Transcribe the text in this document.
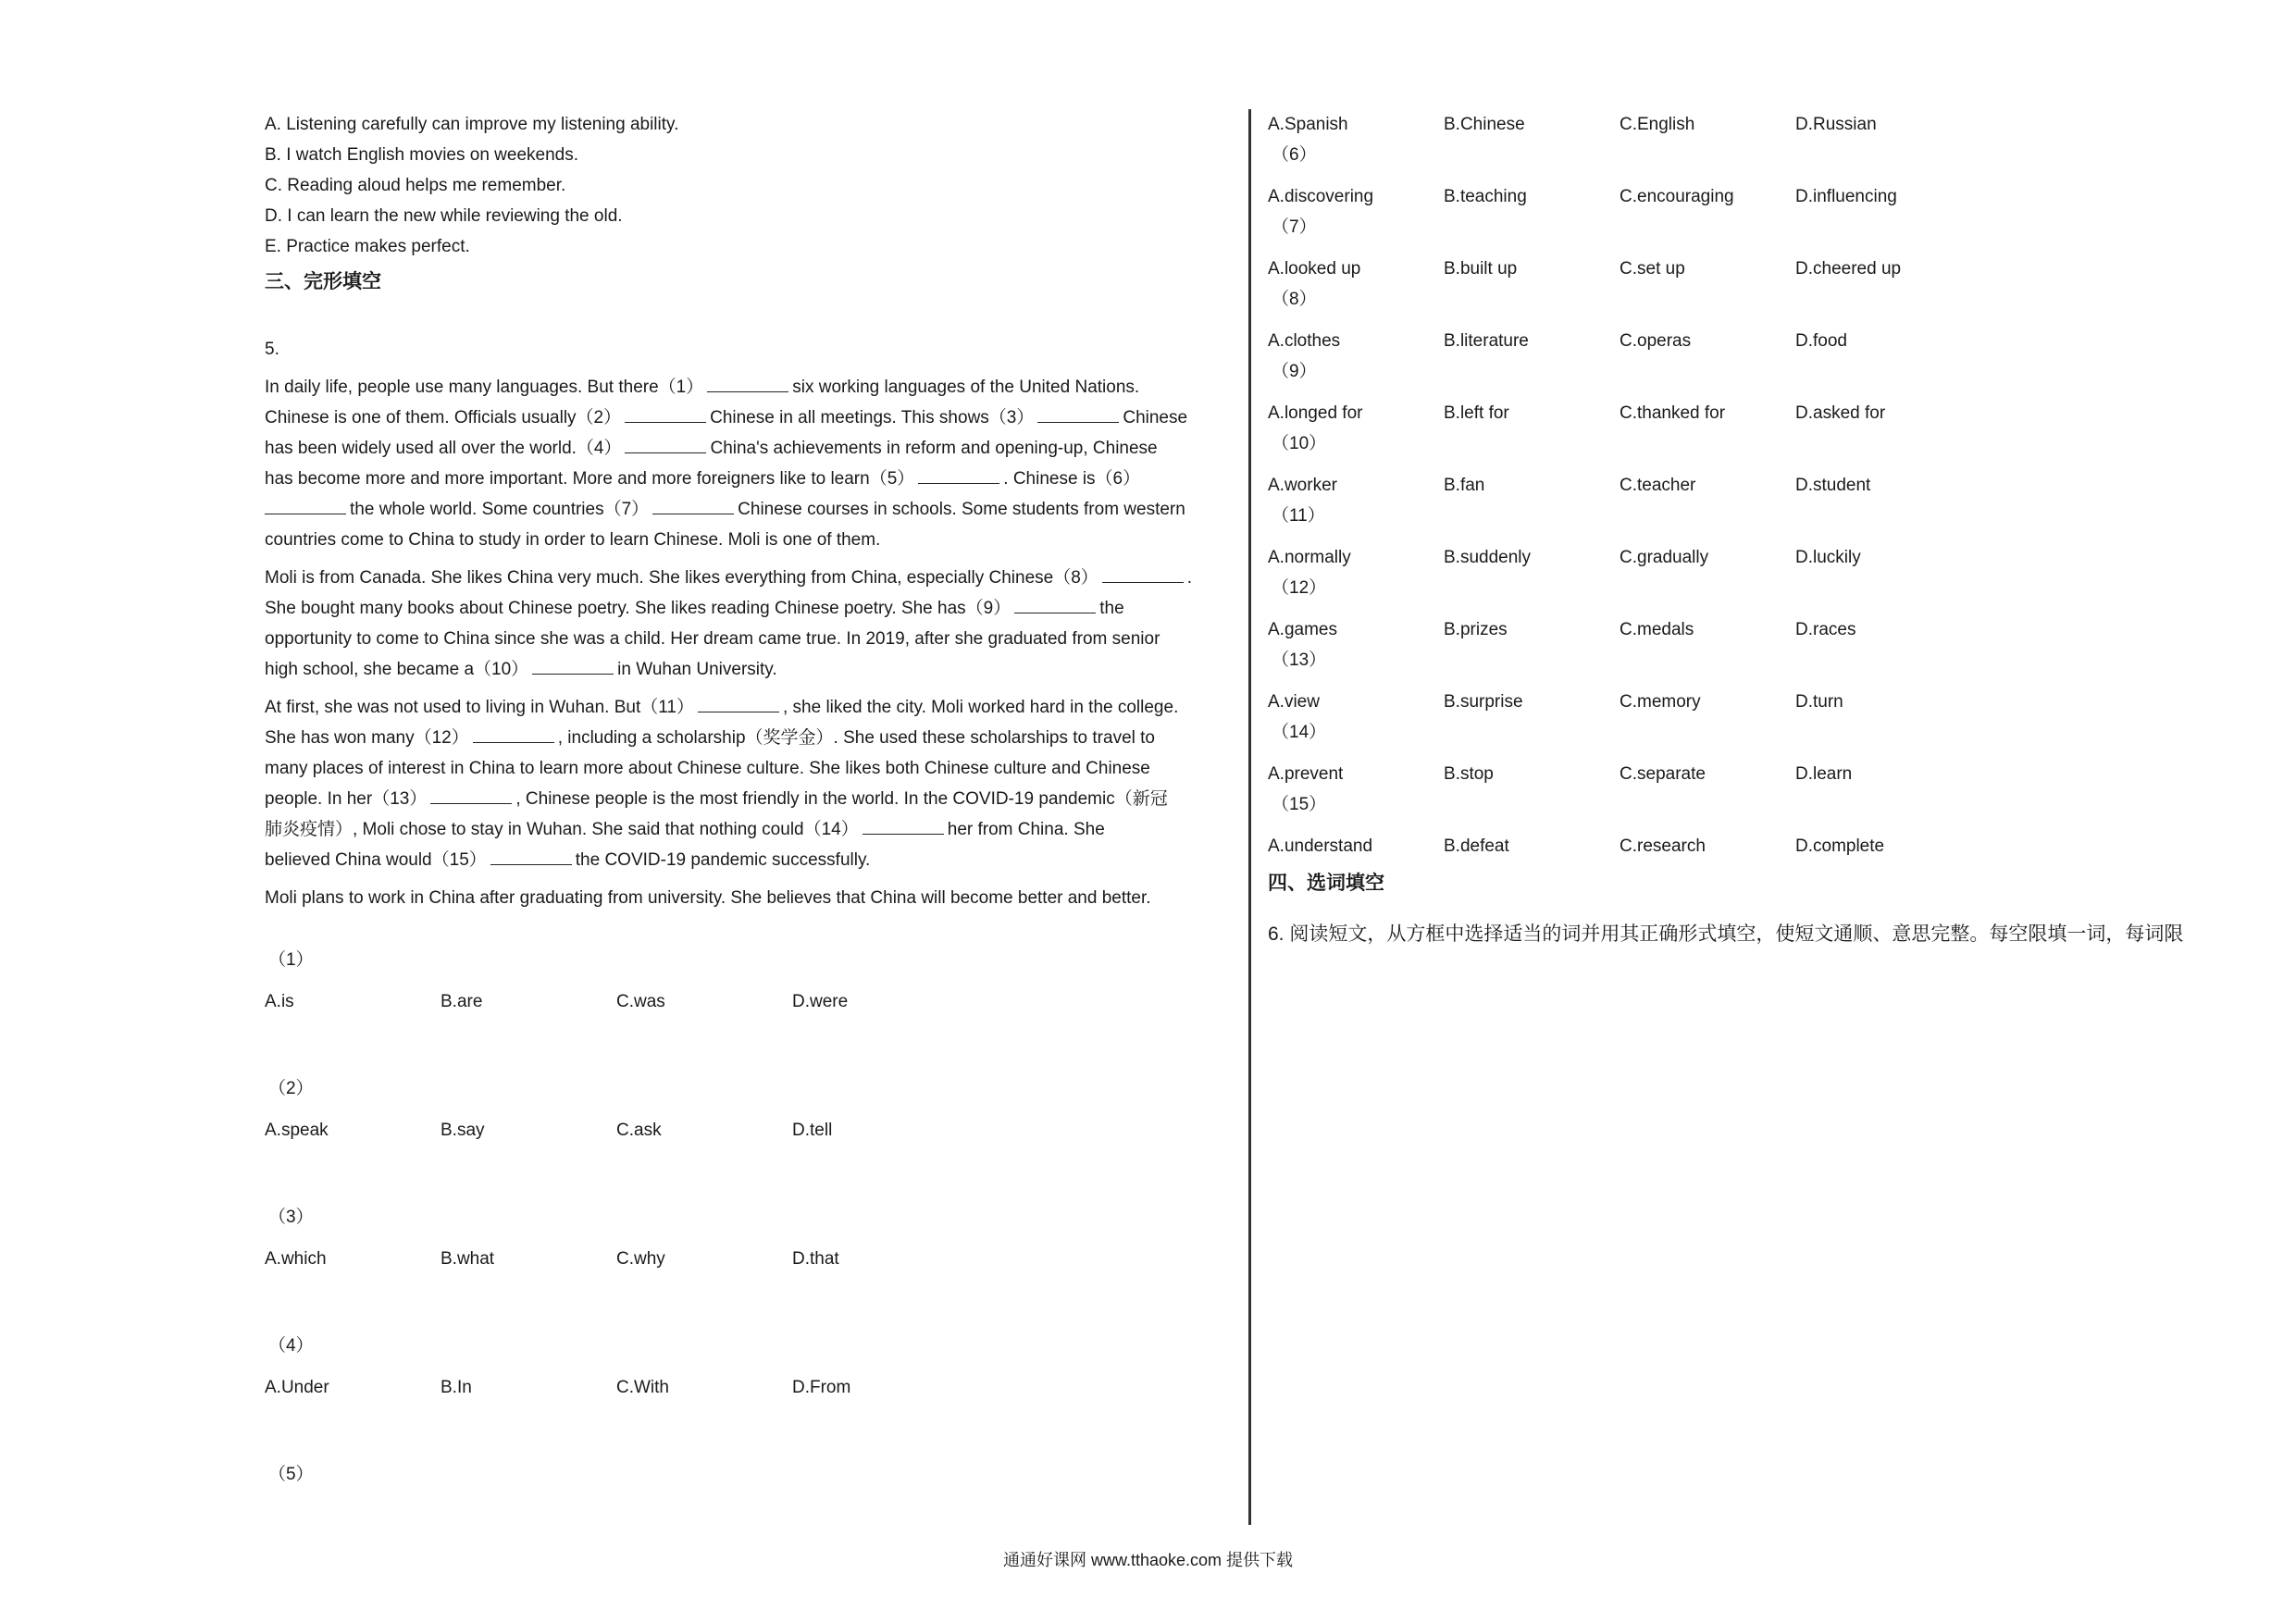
A. Listening carefully can improve my listening ability.
B. I watch English movies on weekends.
C. Reading aloud helps me remember.
D. I can learn the new while reviewing the old.
E. Practice makes perfect.
三、完形填空
5.
In daily life, people use many languages. But there（1）	six working languages of the United Nations.
Chinese is one of them. Officials usually（2）	Chinese in all meetings. This shows（3）	Chinese
has been widely used all over the world.（4）	China's achievements in reform and opening-up, Chinese
has become more and more important. More and more foreigners like to learn（5）	. Chinese is（6）
the whole world. Some countries（7）	Chinese courses in schools. Some students from western
countries come to China to study in order to learn Chinese. Moli is one of them.
Moli is from Canada. She likes China very much. She likes everything from China, especially Chinese（8）	.
She bought many books about Chinese poetry. She likes reading Chinese poetry. She has（9）	the
opportunity to come to China since she was a child. Her dream came true. In 2019, after she graduated from senior
high school, she became a（10）	in Wuhan University.
At first, she was not used to living in Wuhan. But（11）	, she liked the city. Moli worked hard in the college.
She has won many（12）	, including a scholarship（奖学金）. She used these scholarships to travel to
many places of interest in China to learn more about Chinese culture. She likes both Chinese culture and Chinese
people. In her（13）	, Chinese people is the most friendly in the world. In the COVID-19 pandemic（新冠
肺炎疫情）, Moli chose to stay in Wuhan. She said that nothing could（14）	her from China. She
believed China would（15）	the COVID-19 pandemic successfully.
Moli plans to work in China after graduating from university. She believes that China will become better and better.
（1）
A.is	B.are	C.was	D.were
（2）
A.speak	B.say	C.ask	D.tell
（3）
A.which	B.what	C.why	D.that
（4）
A.Under	B.In	C.With	D.From
（5）
A.Spanish	B.Chinese	C.English	D.Russian
（6）
A.discovering	B.teaching	C.encouraging	D.influencing
（7）
A.looked up	B.built up	C.set up	D.cheered up
（8）
A.clothes	B.literature	C.operas	D.food
（9）
A.longed for	B.left for	C.thanked for	D.asked for
（10）
A.worker	B.fan	C.teacher	D.student
（11）
A.normally	B.suddenly	C.gradually	D.luckily
（12）
A.games	B.prizes	C.medals	D.races
（13）
A.view	B.surprise	C.memory	D.turn
（14）
A.prevent	B.stop	C.separate	D.learn
（15）
A.understand	B.defeat	C.research	D.complete
四、选词填空
6. 阅读短文，从方框中选择适当的词并用其正确形式填空，使短文通顺、意思完整。每空限填一词，每词限
通通好课网 www.tthaoke.com 提供下载
